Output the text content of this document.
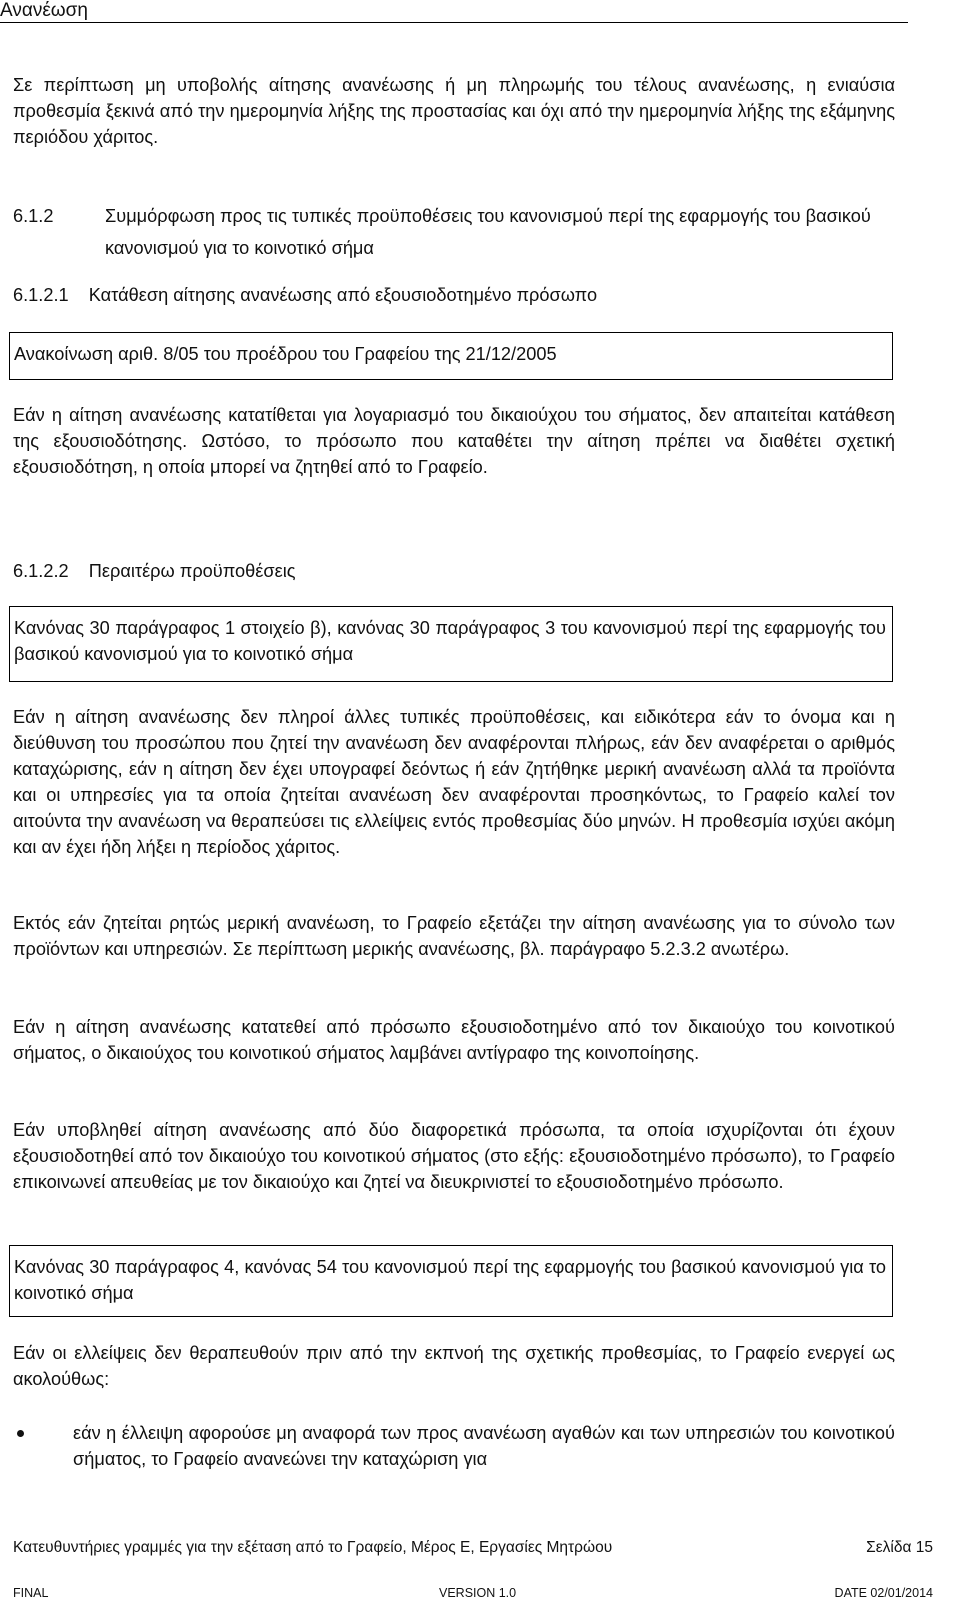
Ανανέωση

Σε περίπτωση μη υποβολής αίτησης ανανέωσης ή μη πληρωμής του τέλους ανανέωσης, η ενιαύσια προθεσμία ξεκινά από την ημερομηνία λήξης της προστασίας και όχι από την ημερομηνία λήξης της εξάμηνης περιόδου χάριτος.

6.1.2	Συμμόρφωση προς τις τυπικές προϋποθέσεις του κανονισμού περί της εφαρμογής του βασικού κανονισμού για το κοινοτικό σήμα
6.1.2.1 Κατάθεση αίτησης ανανέωσης από εξουσιοδοτημένο πρόσωπο
Ανακοίνωση αριθ. 8/05 του προέδρου του Γραφείου της 21/12/2005

Εάν η αίτηση ανανέωσης κατατίθεται για λογαριασμό του δικαιούχου του σήματος, δεν απαιτείται κατάθεση της εξουσιοδότησης. Ωστόσο, το πρόσωπο που καταθέτει την αίτηση πρέπει να διαθέτει σχετική εξουσιοδότηση, η οποία μπορεί να ζητηθεί από το Γραφείο.

6.1.2.2 Περαιτέρω προϋποθέσεις
Κανόνας 30 παράγραφος 1 στοιχείο β), κανόνας 30 παράγραφος 3 του κανονισμού περί της εφαρμογής του βασικού κανονισμού για το κοινοτικό σήμα

Εάν η αίτηση ανανέωσης δεν πληροί άλλες τυπικές προϋποθέσεις, και ειδικότερα εάν το όνομα και η διεύθυνση του προσώπου που ζητεί την ανανέωση δεν αναφέρονται πλήρως, εάν δεν αναφέρεται ο αριθμός καταχώρισης, εάν η αίτηση δεν έχει υπογραφεί δεόντως ή εάν ζητήθηκε μερική ανανέωση αλλά τα προϊόντα και οι υπηρεσίες για τα οποία ζητείται ανανέωση δεν αναφέρονται προσηκόντως, το Γραφείο καλεί τον αιτούντα την ανανέωση να θεραπεύσει τις ελλείψεις εντός προθεσμίας δύο μηνών. Η προθεσμία ισχύει ακόμη και αν έχει ήδη λήξει η περίοδος χάριτος.

Εκτός εάν ζητείται ρητώς μερική ανανέωση, το Γραφείο εξετάζει την αίτηση ανανέωσης για το σύνολο των προϊόντων και υπηρεσιών. Σε περίπτωση μερικής ανανέωσης, βλ. παράγραφο 5.2.3.2 ανωτέρω.

Εάν η αίτηση ανανέωσης κατατεθεί από πρόσωπο εξουσιοδοτημένο από τον δικαιούχο του κοινοτικού σήματος, ο δικαιούχος του κοινοτικού σήματος λαμβάνει αντίγραφο της κοινοποίησης.

Εάν υποβληθεί αίτηση ανανέωσης από δύο διαφορετικά πρόσωπα, τα οποία ισχυρίζονται ότι έχουν εξουσιοδοτηθεί από τον δικαιούχο του κοινοτικού σήματος (στο εξής: εξουσιοδοτημένο πρόσωπο), το Γραφείο επικοινωνεί απευθείας με τον δικαιούχο και ζητεί να διευκρινιστεί το εξουσιοδοτημένο πρόσωπο.

Κανόνας 30 παράγραφος 4, κανόνας 54 του κανονισμού περί της εφαρμογής του βασικού κανονισμού για το κοινοτικό σήμα

Εάν οι ελλείψεις δεν θεραπευθούν πριν από την εκπνοή της σχετικής προθεσμίας, το Γραφείο ενεργεί ως ακολούθως:

εάν η έλλειψη αφορούσε μη αναφορά των προς ανανέωση αγαθών και των υπηρεσιών του κοινοτικού σήματος, το Γραφείο ανανεώνει την καταχώριση για
Κατευθυντήριες γραμμές για την εξέταση από το Γραφείο, Μέρος Ε, Εργασίες Μητρώου	Σελίδα 15
FINAL	VERSION 1.0	DATE 02/01/2014
